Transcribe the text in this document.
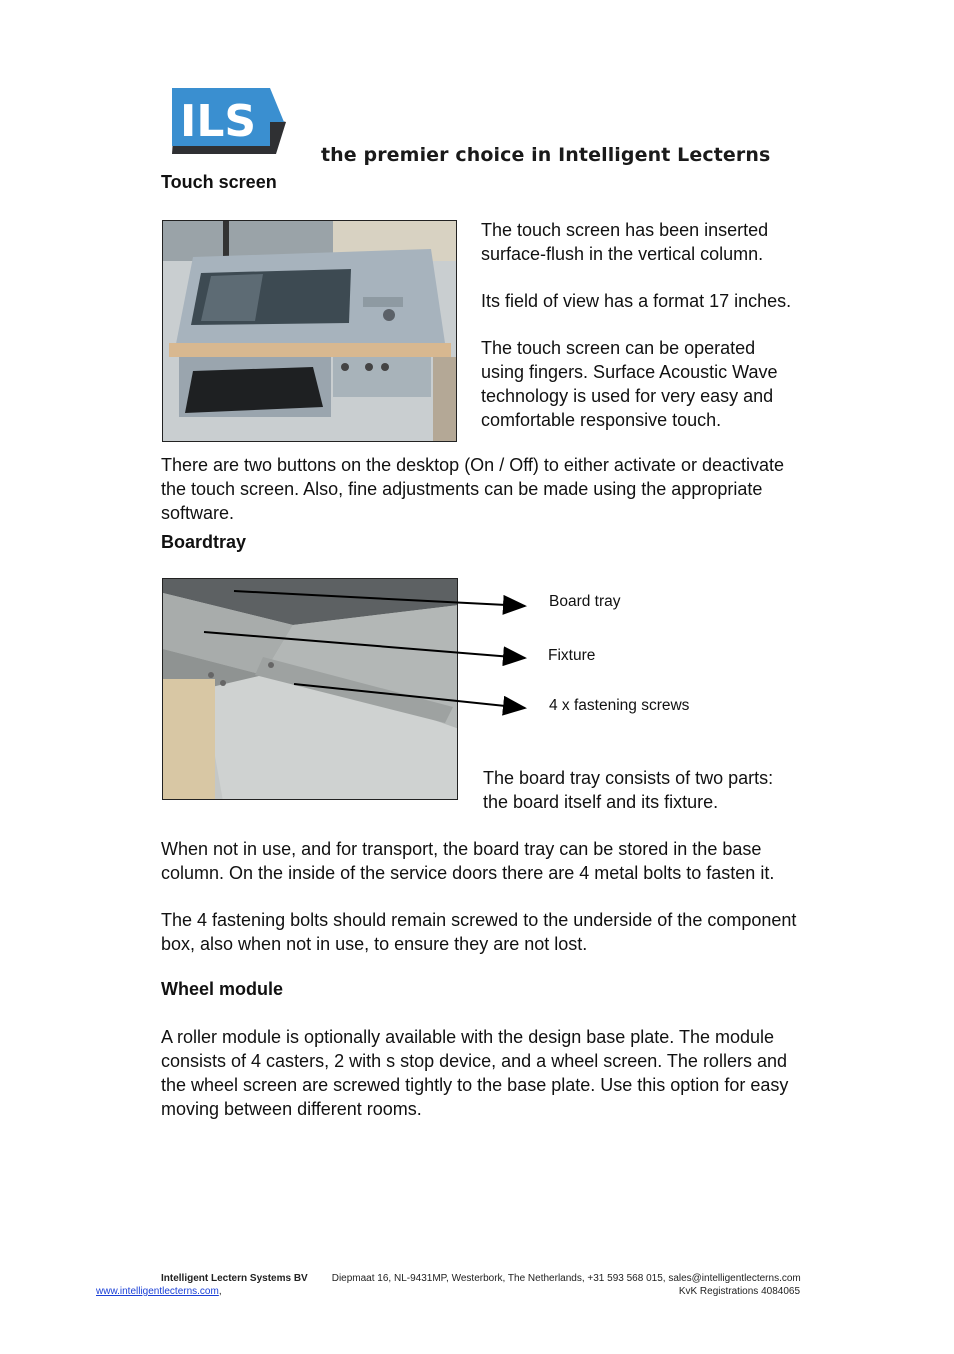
ILS
the premier choice in Intelligent Lecterns
Touch screen

The touch screen has been inserted surface-flush in the vertical column.

Its field of view has a format 17 inches.

The touch screen can be operated using fingers. Surface Acoustic Wave technology is used for very easy and comfortable responsive touch.

There are two buttons on the desktop (On / Off) to either activate or deactivate the touch screen. Also, fine adjustments can be made using the appropriate software.
Boardtray
Board tray
Fixture
4 x fastening screws
The board tray consists of two parts: the board itself and its fixture.

When not in use, and for transport, the board tray can be stored in the base column. On the inside of the service doors there are 4 metal bolts to fasten it.

The 4 fastening bolts should remain screwed to the underside of the component box, also when not in use, to ensure they are not lost.

Wheel module
A roller module is optionally available with the design base plate. The module consists of 4 casters, 2 with s stop device, and a wheel screen. The rollers and the wheel screen are screwed tightly to the base plate. Use this option for easy moving between different rooms.
Intelligent Lectern Systems BV Diepmaat 16, NL-9431MP, Westerbork, The Netherlands, +31 593 568 015, sales@intelligentlecterns.com
www.intelligentlecterns.com,	KvK Registrations 4084065
